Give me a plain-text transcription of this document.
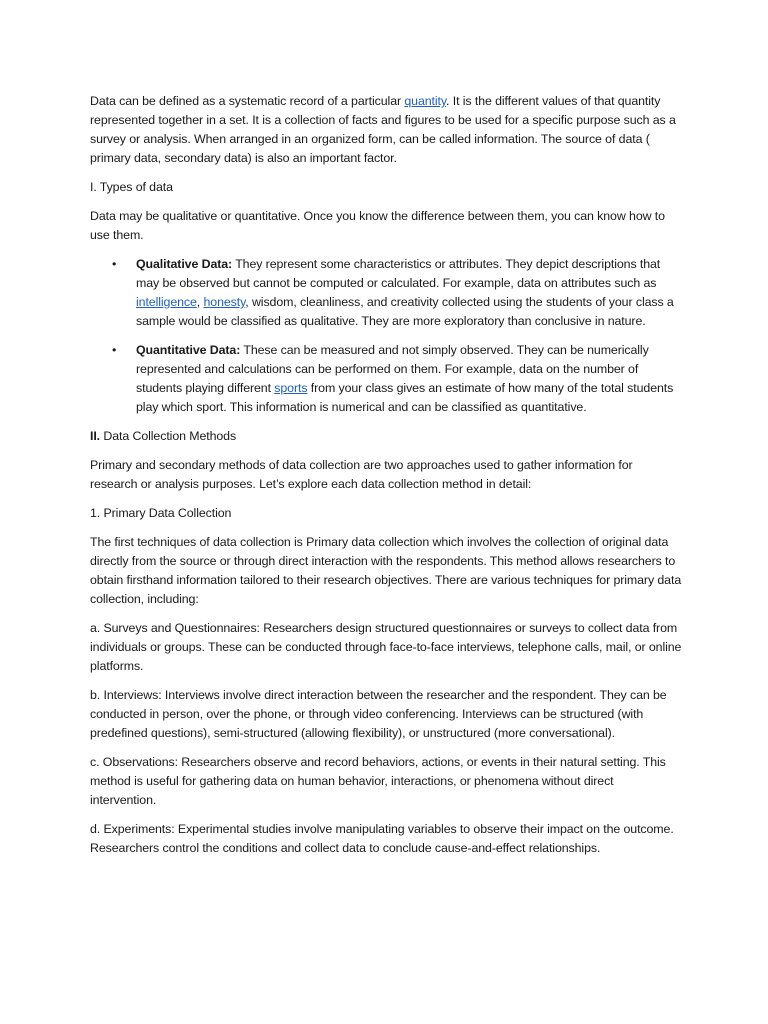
Data can be defined as a systematic record of a particular quantity. It is the different values of that quantity represented together in a set. It is a collection of facts and figures to be used for a specific purpose such as a survey or analysis. When arranged in an organized form, can be called information. The source of data ( primary data, secondary data) is also an important factor.

I. Types of data

Data may be qualitative or quantitative. Once you know the difference between them, you can know how to use them.

• Qualitative Data: They represent some characteristics or attributes. They depict descriptions that may be observed but cannot be computed or calculated. For example, data on attributes such as intelligence, honesty, wisdom, cleanliness, and creativity collected using the students of your class a sample would be classified as qualitative. They are more exploratory than conclusive in nature.
• Quantitative Data: These can be measured and not simply observed. They can be numerically represented and calculations can be performed on them. For example, data on the number of students playing different sports from your class gives an estimate of how many of the total students play which sport. This information is numerical and can be classified as quantitative.

II. Data Collection Methods

Primary and secondary methods of data collection are two approaches used to gather information for research or analysis purposes. Let’s explore each data collection method in detail:

1. Primary Data Collection

The first techniques of data collection is Primary data collection which involves the collection of original data directly from the source or through direct interaction with the respondents. This method allows researchers to obtain firsthand information tailored to their research objectives. There are various techniques for primary data collection, including:

a. Surveys and Questionnaires: Researchers design structured questionnaires or surveys to collect data from individuals or groups. These can be conducted through face-to-face interviews, telephone calls, mail, or online platforms.

b. Interviews: Interviews involve direct interaction between the researcher and the respondent. They can be conducted in person, over the phone, or through video conferencing. Interviews can be structured (with predefined questions), semi-structured (allowing flexibility), or unstructured (more conversational).

c. Observations: Researchers observe and record behaviors, actions, or events in their natural setting. This method is useful for gathering data on human behavior, interactions, or phenomena without direct intervention.

d. Experiments: Experimental studies involve manipulating variables to observe their impact on the outcome. Researchers control the conditions and collect data to conclude cause-and-effect relationships.
